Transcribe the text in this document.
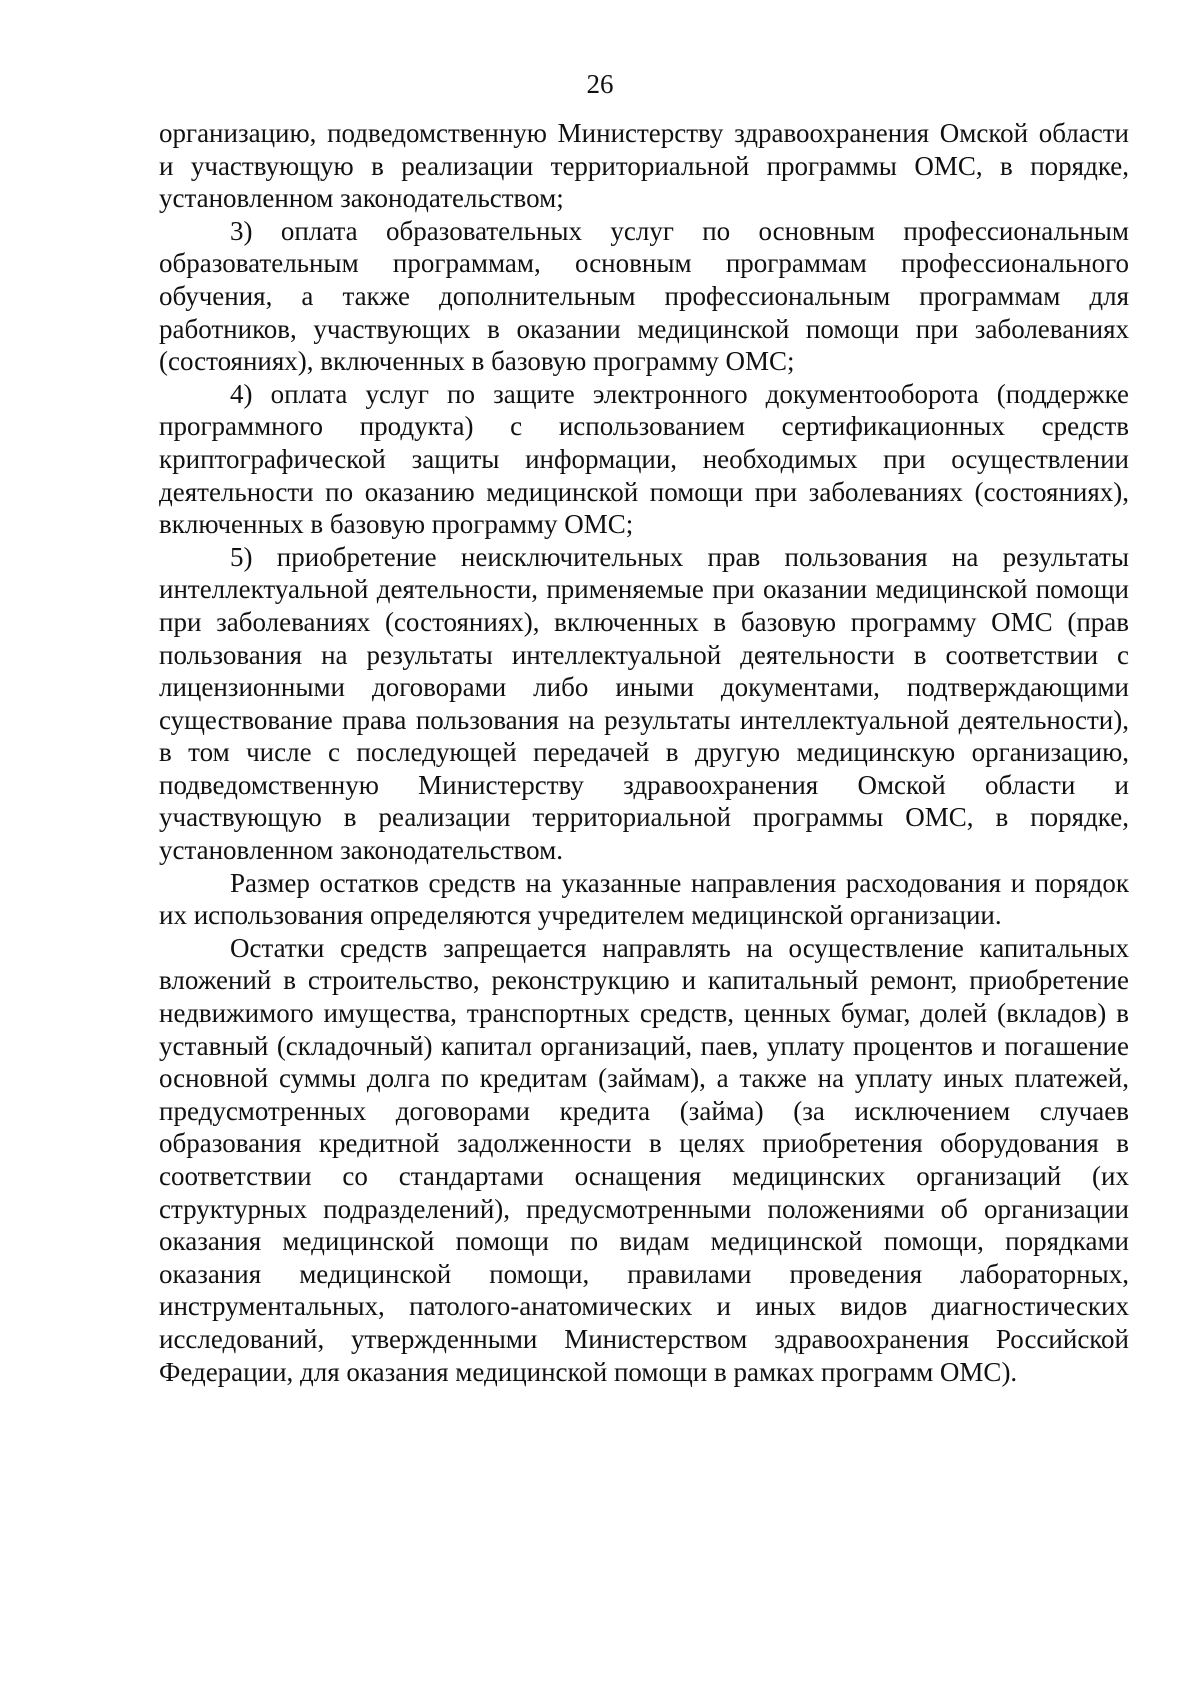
26

организацию, подведомственную Министерству здравоохранения Омской области и участвующую в реализации территориальной программы ОМС, в порядке, установленном законодательством;

3) оплата образовательных услуг по основным профессиональным образовательным программам, основным программам профессионального обучения, а также дополнительным профессиональным программам для работников, участвующих в оказании медицинской помощи при заболеваниях (состояниях), включенных в базовую программу ОМС;

4) оплата услуг по защите электронного документооборота (поддержке программного продукта) с использованием сертификационных средств криптографической защиты информации, необходимых при осуществлении деятельности по оказанию медицинской помощи при заболеваниях (состояниях), включенных в базовую программу ОМС;

5) приобретение неисключительных прав пользования на результаты интеллектуальной деятельности, применяемые при оказании медицинской помощи при заболеваниях (состояниях), включенных в базовую программу ОМС (прав пользования на результаты интеллектуальной деятельности в соответствии с лицензионными договорами либо иными документами, подтверждающими существование права пользования на результаты интеллектуальной деятельности), в том числе с последующей передачей в другую медицинскую организацию, подведомственную Министерству здравоохранения Омской области и участвующую в реализации территориальной программы ОМС, в порядке, установленном законодательством.

Размер остатков средств на указанные направления расходования и порядок их использования определяются учредителем медицинской организации.

Остатки средств запрещается направлять на осуществление капитальных вложений в строительство, реконструкцию и капитальный ремонт, приобретение недвижимого имущества, транспортных средств, ценных бумаг, долей (вкладов) в уставный (складочный) капитал организаций, паев, уплату процентов и погашение основной суммы долга по кредитам (займам), а также на уплату иных платежей, предусмотренных договорами кредита (займа) (за исключением случаев образования кредитной задолженности в целях приобретения оборудования в соответствии со стандартами оснащения медицинских организаций (их структурных подразделений), предусмотренными положениями об организации оказания медицинской помощи по видам медицинской помощи, порядками оказания медицинской помощи, правилами проведения лабораторных, инструментальных, патолого-анатомических и иных видов диагностических исследований, утвержденными Министерством здравоохранения Российской Федерации, для оказания медицинской помощи в рамках программ ОМС).
